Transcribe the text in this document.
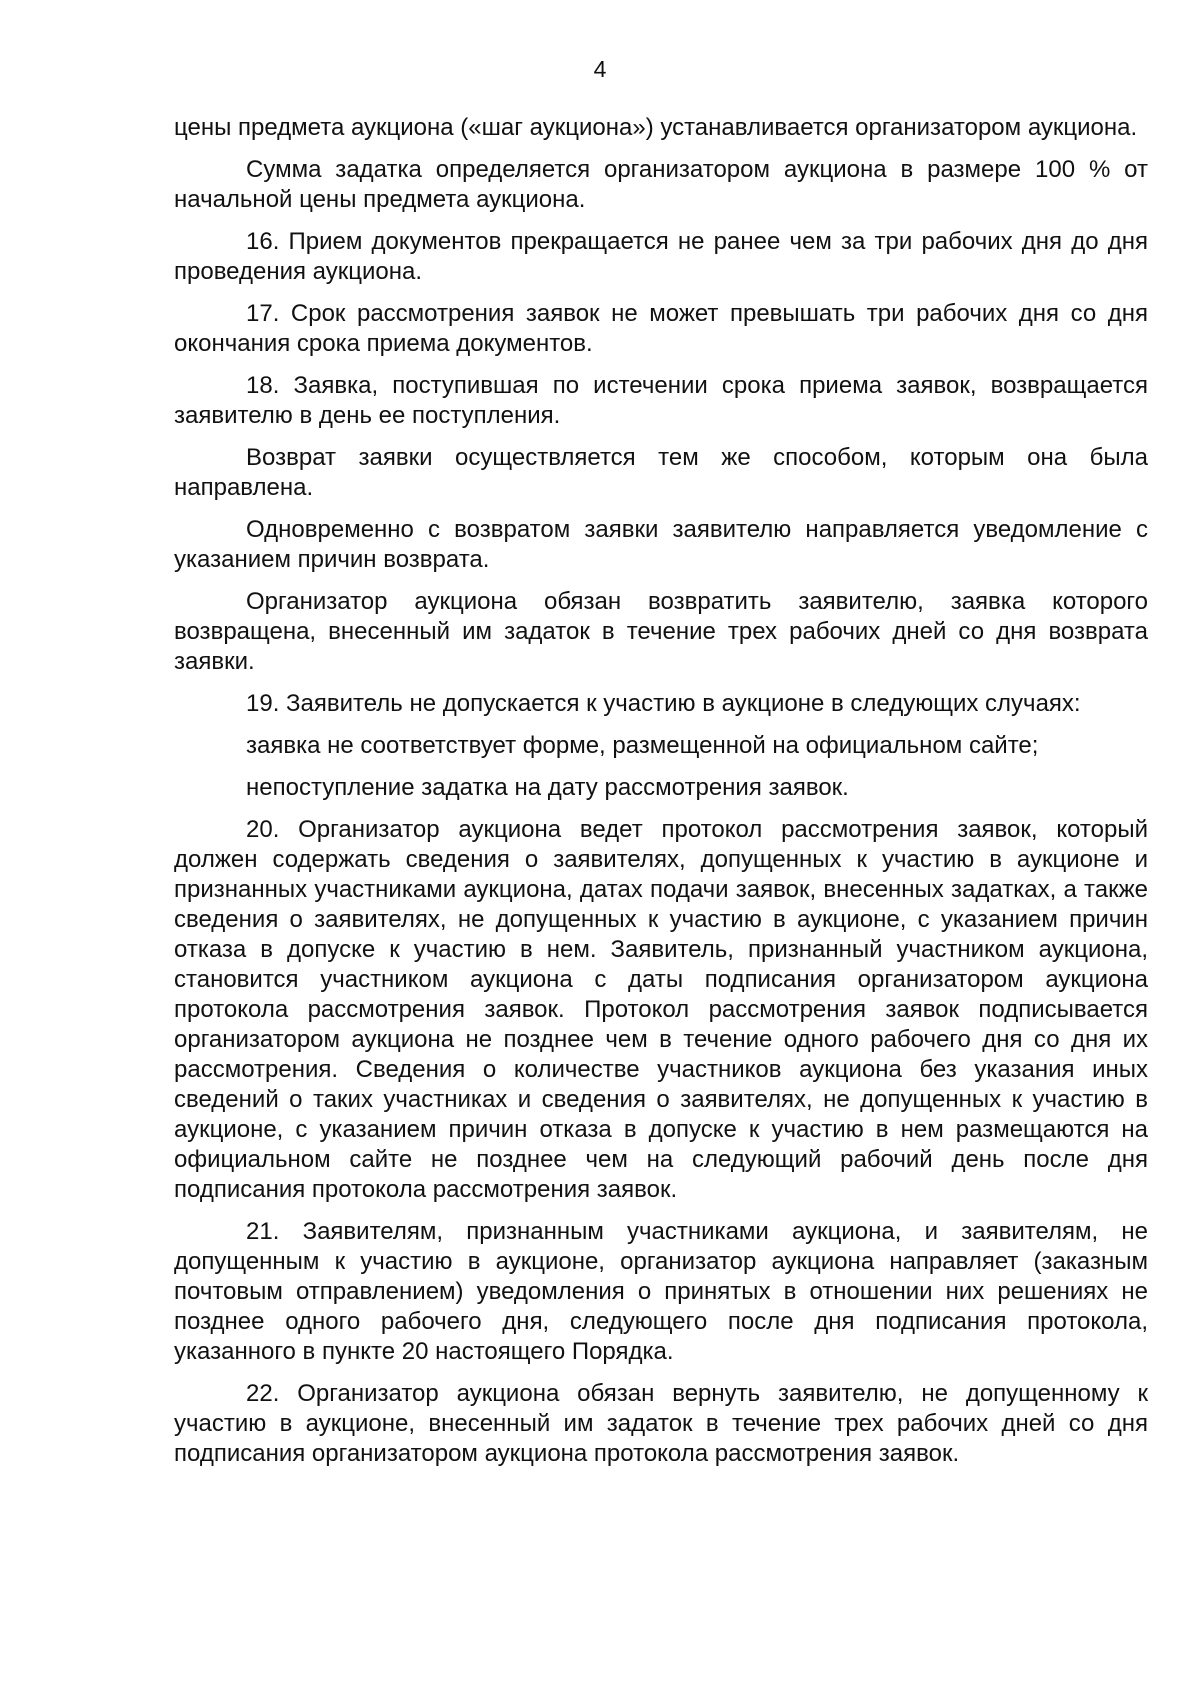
4

цены предмета аукциона («шаг аукциона») устанавливается организатором аукциона.

Сумма задатка определяется организатором аукциона в размере 100 % от начальной цены предмета аукциона.

16. Прием документов прекращается не ранее чем за три рабочих дня до дня проведения аукциона.

17. Срок рассмотрения заявок не может превышать три рабочих дня со дня окончания срока приема документов.

18. Заявка, поступившая по истечении срока приема заявок, возвращается заявителю в день ее поступления.

Возврат заявки осуществляется тем же способом, которым она была направлена.

Одновременно с возвратом заявки заявителю направляется уведомление с указанием причин возврата.

Организатор аукциона обязан возвратить заявителю, заявка которого возвращена, внесенный им задаток в течение трех рабочих дней со дня возврата заявки.

19. Заявитель не допускается к участию в аукционе в следующих случаях:

заявка не соответствует форме, размещенной на официальном сайте;

непоступление задатка на дату рассмотрения заявок.

20. Организатор аукциона ведет протокол рассмотрения заявок, который должен содержать сведения о заявителях, допущенных к участию в аукционе и признанных участниками аукциона, датах подачи заявок, внесенных задатках, а также сведения о заявителях, не допущенных к участию в аукционе, с указанием причин отказа в допуске к участию в нем. Заявитель, признанный участником аукциона, становится участником аукциона с даты подписания организатором аукциона протокола рассмотрения заявок. Протокол рассмотрения заявок подписывается организатором аукциона не позднее чем в течение одного рабочего дня со дня их рассмотрения. Сведения о количестве участников аукциона без указания иных сведений о таких участниках и сведения о заявителях, не допущенных к участию в аукционе, с указанием причин отказа в допуске к участию в нем размещаются на официальном сайте не позднее чем на следующий рабочий день после дня подписания протокола рассмотрения заявок.

21. Заявителям, признанным участниками аукциона, и заявителям, не допущенным к участию в аукционе, организатор аукциона направляет (заказным почтовым отправлением) уведомления о принятых в отношении них решениях не позднее одного рабочего дня, следующего после дня подписания протокола, указанного в пункте 20 настоящего Порядка.

22. Организатор аукциона обязан вернуть заявителю, не допущенному к участию в аукционе, внесенный им задаток в течение трех рабочих дней со дня подписания организатором аукциона протокола рассмотрения заявок.
